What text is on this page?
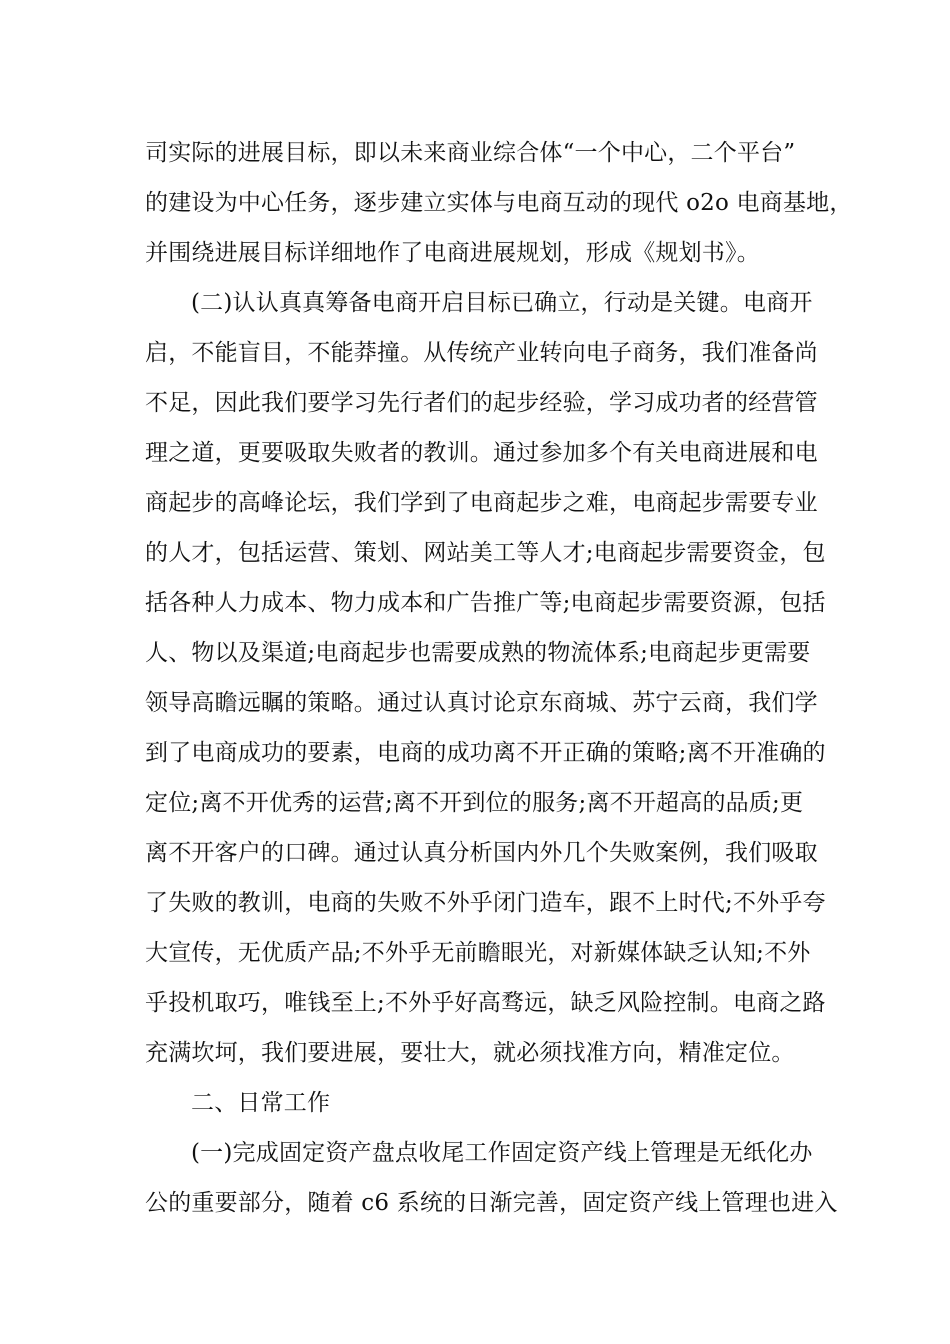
司实际的进展目标，即以未来商业综合体“一个中心，二个平台”
的建设为中心任务，逐步建立实体与电商互动的现代 o2o 电商基地，
并围绕进展目标详细地作了电商进展规划，形成《规划书》。
(二)认认真真筹备电商开启目标已确立，行动是关键。电商开
启，不能盲目，不能莽撞。从传统产业转向电子商务，我们准备尚
不足，因此我们要学习先行者们的起步经验，学习成功者的经营管
理之道，更要吸取失败者的教训。通过参加多个有关电商进展和电
商起步的高峰论坛，我们学到了电商起步之难，电商起步需要专业
的人才，包括运营、策划、网站美工等人才;电商起步需要资金，包
括各种人力成本、物力成本和广告推广等;电商起步需要资源，包括
人、物以及渠道;电商起步也需要成熟的物流体系;电商起步更需要
领导高瞻远瞩的策略。通过认真讨论京东商城、苏宁云商，我们学
到了电商成功的要素，电商的成功离不开正确的策略;离不开准确的
定位;离不开优秀的运营;离不开到位的服务;离不开超高的品质;更
离不开客户的口碑。通过认真分析国内外几个失败案例，我们吸取
了失败的教训，电商的失败不外乎闭门造车，跟不上时代;不外乎夸
大宣传，无优质产品;不外乎无前瞻眼光，对新媒体缺乏认知;不外
乎投机取巧，唯钱至上;不外乎好高骛远，缺乏风险控制。电商之路
充满坎坷，我们要进展，要壮大，就必须找准方向，精准定位。
二、日常工作
(一)完成固定资产盘点收尾工作固定资产线上管理是无纸化办
公的重要部分，随着 c6 系统的日渐完善，固定资产线上管理也进入
